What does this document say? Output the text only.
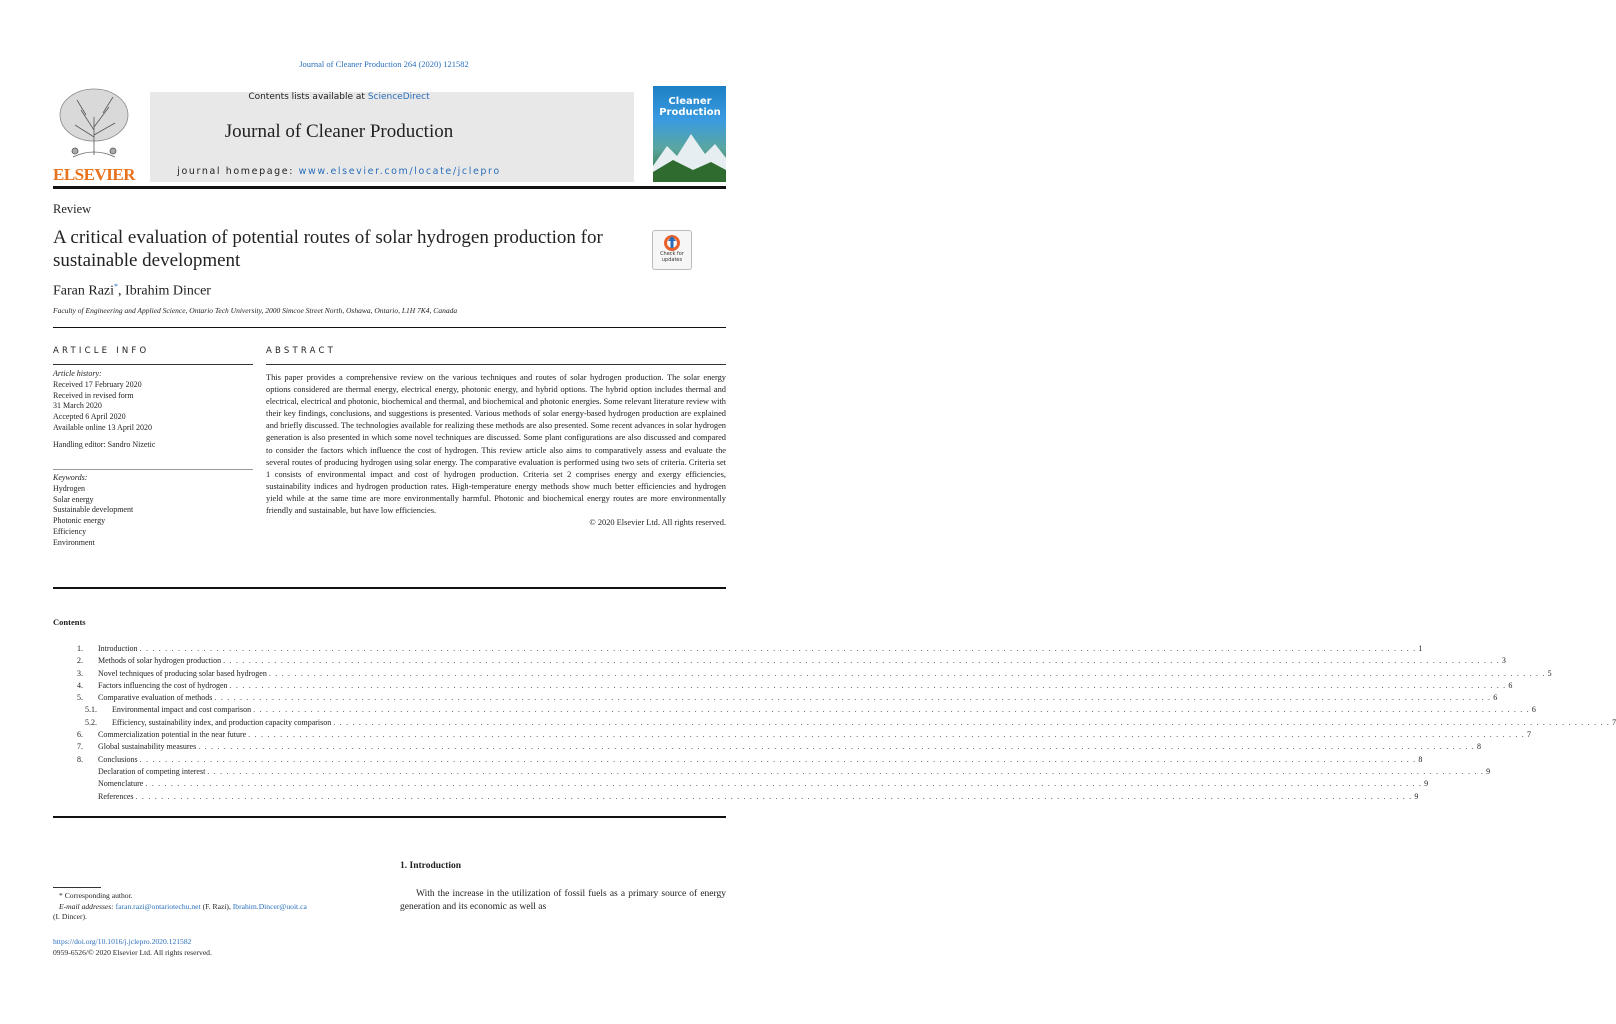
Journal of Cleaner Production 264 (2020) 121582
ELSEVIER
Contents lists available at ScienceDirect
Journal of Cleaner Production
journal homepage: www.elsevier.com/locate/jclepro
Cleaner Production
Review
A critical evaluation of potential routes of solar hydrogen production for sustainable development	Check for updates
Faran Razi*, Ibrahim Dincer
Faculty of Engineering and Applied Science, Ontario Tech University, 2000 Simcoe Street North, Oshawa, Ontario, L1H 7K4, Canada
ARTICLE INFO
Article history:
Received 17 February 2020
Received in revised form
31 March 2020
Accepted 6 April 2020
Available online 13 April 2020
Handling editor: Sandro Nizetic
Keywords:
Hydrogen
Solar energy
Sustainable development
Photonic energy
Efficiency
Environment
ABSTRACT
This paper provides a comprehensive review on the various techniques and routes of solar hydrogen production. The solar energy options considered are thermal energy, electrical energy, photonic energy, and hybrid options. The hybrid option includes thermal and electrical, electrical and photonic, biochemical and thermal, and biochemical and photonic energies. Some relevant literature review with their key findings, conclusions, and suggestions is presented. Various methods of solar energy-based hydrogen production are explained and briefly discussed. The technologies available for realizing these methods are also presented. Some recent advances in solar hydrogen generation is also presented in which some novel techniques are discussed. Some plant configurations are also discussed and compared to consider the factors which influence the cost of hydrogen. This review article also aims to comparatively assess and evaluate the several routes of producing hydrogen using solar energy. The comparative evaluation is performed using two sets of criteria. Criteria set 1 consists of environmental impact and cost of hydrogen production. Criteria set 2 comprises energy and exergy efficiencies, sustainability indices and hydrogen production rates. High-temperature energy methods show much better efficiencies and hydrogen yield while at the same time are more environmentally harmful. Photonic and biochemical energy routes are more environmentally friendly and sustainable, but have low efficiencies.
© 2020 Elsevier Ltd. All rights reserved.
Contents
1.	Introduction . . . . . . . . . . . . . . . . . . . . . . . . . . . . . . . . . . . . . . . . . . . . . . . . . . . . . . . . . . . . . . . . . . . . . . . . . . . . . . . . . . . . . . . . . . . . . . . . . . . . . . . . . . . . . . . . . . . . . . . . . . . . . . . . . . . . . . . . . . . . . . . . . . . . . . . . . . . . . . . . . . . . . . . . . . . . . . . . . . . . . . . . . . . . . . . . . . . . . . . . 1
2.	Methods of solar hydrogen production . . . . . . . . . . . . . . . . . . . . . . . . . . . . . . . . . . . . . . . . . . . . . . . . . . . . . . . . . . . . . . . . . . . . . . . . . . . . . . . . . . . . . . . . . . . . . . . . . . . . . . . . . . . . . . . . . . . . . . . . . . . . . . . . . . . . . . . . . . . . . . . . . . . . . . . . . . . . . . . . . . . . . . . . . . . . . . . . . . . . . . . . . . . . . . . . . . . . . . . . 3
3.	Novel techniques of producing solar based hydrogen . . . . . . . . . . . . . . . . . . . . . . . . . . . . . . . . . . . . . . . . . . . . . . . . . . . . . . . . . . . . . . . . . . . . . . . . . . . . . . . . . . . . . . . . . . . . . . . . . . . . . . . . . . . . . . . . . . . . . . . . . . . . . . . . . . . . . . . . . . . . . . . . . . . . . . . . . . . . . . . . . . . . . . . . . . . . . . . . . . . . . . . . . . . . . . . . . . . . . . . . 5
4.	Factors influencing the cost of hydrogen . . . . . . . . . . . . . . . . . . . . . . . . . . . . . . . . . . . . . . . . . . . . . . . . . . . . . . . . . . . . . . . . . . . . . . . . . . . . . . . . . . . . . . . . . . . . . . . . . . . . . . . . . . . . . . . . . . . . . . . . . . . . . . . . . . . . . . . . . . . . . . . . . . . . . . . . . . . . . . . . . . . . . . . . . . . . . . . . . . . . . . . . . . . . . . . . . . . . . . . . 6
5.	Comparative evaluation of methods . . . . . . . . . . . . . . . . . . . . . . . . . . . . . . . . . . . . . . . . . . . . . . . . . . . . . . . . . . . . . . . . . . . . . . . . . . . . . . . . . . . . . . . . . . . . . . . . . . . . . . . . . . . . . . . . . . . . . . . . . . . . . . . . . . . . . . . . . . . . . . . . . . . . . . . . . . . . . . . . . . . . . . . . . . . . . . . . . . . . . . . . . . . . . . . . . . . . . . . . 6
5.1.	Environmental impact and cost comparison . . . . . . . . . . . . . . . . . . . . . . . . . . . . . . . . . . . . . . . . . . . . . . . . . . . . . . . . . . . . . . . . . . . . . . . . . . . . . . . . . . . . . . . . . . . . . . . . . . . . . . . . . . . . . . . . . . . . . . . . . . . . . . . . . . . . . . . . . . . . . . . . . . . . . . . . . . . . . . . . . . . . . . . . . . . . . . . . . . . . . . . . . . . . . . . . . . . . . . . . 6
5.2.	Efficiency, sustainability index, and production capacity comparison . . . . . . . . . . . . . . . . . . . . . . . . . . . . . . . . . . . . . . . . . . . . . . . . . . . . . . . . . . . . . . . . . . . . . . . . . . . . . . . . . . . . . . . . . . . . . . . . . . . . . . . . . . . . . . . . . . . . . . . . . . . . . . . . . . . . . . . . . . . . . . . . . . . . . . . . . . . . . . . . . . . . . . . . . . . . . . . . . . . . . . . . . . . . . . . . . . . . . . . . 7
6.	Commercialization potential in the near future . . . . . . . . . . . . . . . . . . . . . . . . . . . . . . . . . . . . . . . . . . . . . . . . . . . . . . . . . . . . . . . . . . . . . . . . . . . . . . . . . . . . . . . . . . . . . . . . . . . . . . . . . . . . . . . . . . . . . . . . . . . . . . . . . . . . . . . . . . . . . . . . . . . . . . . . . . . . . . . . . . . . . . . . . . . . . . . . . . . . . . . . . . . . . . . . . . . . . . . . 7
7.	Global sustainability measures . . . . . . . . . . . . . . . . . . . . . . . . . . . . . . . . . . . . . . . . . . . . . . . . . . . . . . . . . . . . . . . . . . . . . . . . . . . . . . . . . . . . . . . . . . . . . . . . . . . . . . . . . . . . . . . . . . . . . . . . . . . . . . . . . . . . . . . . . . . . . . . . . . . . . . . . . . . . . . . . . . . . . . . . . . . . . . . . . . . . . . . . . . . . . . . . . . . . . . . . 8
8.	Conclusions . . . . . . . . . . . . . . . . . . . . . . . . . . . . . . . . . . . . . . . . . . . . . . . . . . . . . . . . . . . . . . . . . . . . . . . . . . . . . . . . . . . . . . . . . . . . . . . . . . . . . . . . . . . . . . . . . . . . . . . . . . . . . . . . . . . . . . . . . . . . . . . . . . . . . . . . . . . . . . . . . . . . . . . . . . . . . . . . . . . . . . . . . . . . . . . . . . . . . . . . 8
Declaration of competing interest . . . . . . . . . . . . . . . . . . . . . . . . . . . . . . . . . . . . . . . . . . . . . . . . . . . . . . . . . . . . . . . . . . . . . . . . . . . . . . . . . . . . . . . . . . . . . . . . . . . . . . . . . . . . . . . . . . . . . . . . . . . . . . . . . . . . . . . . . . . . . . . . . . . . . . . . . . . . . . . . . . . . . . . . . . . . . . . . . . . . . . . . . . . . . . . . . . . . . . . . 9
Nomenclature . . . . . . . . . . . . . . . . . . . . . . . . . . . . . . . . . . . . . . . . . . . . . . . . . . . . . . . . . . . . . . . . . . . . . . . . . . . . . . . . . . . . . . . . . . . . . . . . . . . . . . . . . . . . . . . . . . . . . . . . . . . . . . . . . . . . . . . . . . . . . . . . . . . . . . . . . . . . . . . . . . . . . . . . . . . . . . . . . . . . . . . . . . . . . . . . . . . . . . . . 9
References . . . . . . . . . . . . . . . . . . . . . . . . . . . . . . . . . . . . . . . . . . . . . . . . . . . . . . . . . . . . . . . . . . . . . . . . . . . . . . . . . . . . . . . . . . . . . . . . . . . . . . . . . . . . . . . . . . . . . . . . . . . . . . . . . . . . . . . . . . . . . . . . . . . . . . . . . . . . . . . . . . . . . . . . . . . . . . . . . . . . . . . . . . . . . . . . . . . . . . . . 9
1. Introduction
With the increase in the utilization of fossil fuels as a primary source of energy generation and its economic as well as
* Corresponding author.
E-mail addresses: faran.razi@ontariotechu.net (F. Razi), Ibrahim.Dincer@uoit.ca
(I. Dincer).
https://doi.org/10.1016/j.jclepro.2020.121582
0959-6526/© 2020 Elsevier Ltd. All rights reserved.
